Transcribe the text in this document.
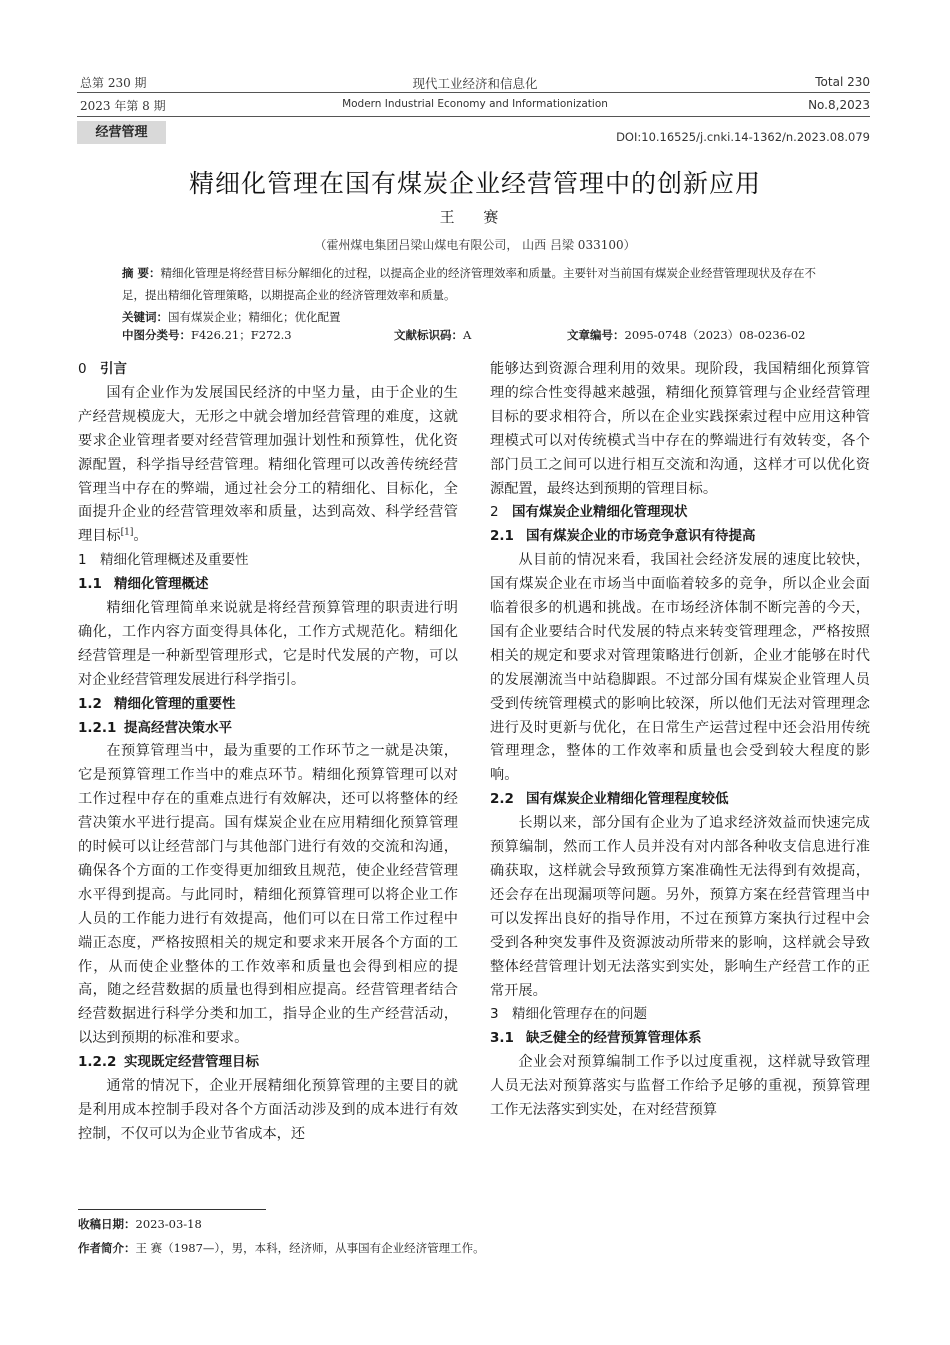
总第 230 期
2023 年第 8 期
现代工业经济和信息化
Modern Industrial Economy and Informationization
Total 230
No.8,2023
经营管理	DOI:10.16525/j.cnki.14-1362/n.2023.08.079
精细化管理在国有煤炭企业经营管理中的创新应用
王 赛
（霍州煤电集团吕梁山煤电有限公司， 山西 吕梁 033100）
摘 要：精细化管理是将经营目标分解细化的过程，以提高企业的经济管理效率和质量。主要针对当前国有煤炭企业经营管理现状及存在不足，提出精细化管理策略，以期提高企业的经济管理效率和质量。
关键词：国有煤炭企业；精细化；优化配置
中图分类号：F426.21；F272.3	文献标识码：A	文章编号：2095-0748（2023）08-0236-02
0 引言

国有企业作为发展国民经济的中坚力量，由于企业的生产经营规模庞大，无形之中就会增加经营管理的难度，这就要求企业管理者要对经营管理加强计划性和预算性，优化资源配置，科学指导经营管理。精细化管理可以改善传统经营管理当中存在的弊端，通过社会分工的精细化、目标化，全面提升企业的经营管理效率和质量，达到高效、科学经营管理目标[1]。

1 精细化管理概述及重要性
1.1 精细化管理概述

精细化管理简单来说就是将经营预算管理的职责进行明确化，工作内容方面变得具体化，工作方式规范化。精细化经营管理是一种新型管理形式，它是时代发展的产物，可以对企业经营管理发展进行科学指引。

1.2 精细化管理的重要性
1.2.1 提高经营决策水平

在预算管理当中，最为重要的工作环节之一就是决策，它是预算管理工作当中的难点环节。精细化预算管理可以对工作过程中存在的重难点进行有效解决，还可以将整体的经营决策水平进行提高。国有煤炭企业在应用精细化预算管理的时候可以让经营部门与其他部门进行有效的交流和沟通，确保各个方面的工作变得更加细致且规范，使企业经营管理水平得到提高。与此同时，精细化预算管理可以将企业工作人员的工作能力进行有效提高，他们可以在日常工作过程中端正态度，严格按照相关的规定和要求来开展各个方面的工作，从而使企业整体的工作效率和质量也会得到相应的提高，随之经营数据的质量也得到相应提高。经营管理者结合经营数据进行科学分类和加工，指导企业的生产经营活动，以达到预期的标准和要求。

1.2.2 实现既定经营管理目标

通常的情况下，企业开展精细化预算管理的主要目的就是利用成本控制手段对各个方面活动涉及到的成本进行有效控制，不仅可以为企业节省成本，还

能够达到资源合理利用的效果。现阶段，我国精细化预算管理的综合性变得越来越强，精细化预算管理与企业经营管理目标的要求相符合，所以在企业实践探索过程中应用这种管理模式可以对传统模式当中存在的弊端进行有效转变，各个部门员工之间可以进行相互交流和沟通，这样才可以优化资源配置，最终达到预期的管理目标。

2 国有煤炭企业精细化管理现状
2.1 国有煤炭企业的市场竞争意识有待提高

从目前的情况来看，我国社会经济发展的速度比较快，国有煤炭企业在市场当中面临着较多的竞争，所以企业会面临着很多的机遇和挑战。在市场经济体制不断完善的今天，国有企业要结合时代发展的特点来转变管理理念，严格按照相关的规定和要求对管理策略进行创新，企业才能够在时代的发展潮流当中站稳脚跟。不过部分国有煤炭企业管理人员受到传统管理模式的影响比较深，所以他们无法对管理理念进行及时更新与优化，在日常生产运营过程中还会沿用传统管理理念，整体的工作效率和质量也会受到较大程度的影响。

2.2 国有煤炭企业精细化管理程度较低

长期以来，部分国有企业为了追求经济效益而快速完成预算编制，然而工作人员并没有对内部各种收支信息进行准确获取，这样就会导致预算方案准确性无法得到有效提高，还会存在出现漏项等问题。另外，预算方案在经营管理当中可以发挥出良好的指导作用，不过在预算方案执行过程中会受到各种突发事件及资源波动所带来的影响，这样就会导致整体经营管理计划无法落实到实处，影响生产经营工作的正常开展。

3 精细化管理存在的问题
3.1 缺乏健全的经营预算管理体系

企业会对预算编制工作予以过度重视，这样就导致管理人员无法对预算落实与监督工作给予足够的重视，预算管理工作无法落实到实处，在对经营预算

收稿日期：2023-03-18
作者简介：王 赛（1987—），男，本科，经济师，从事国有企业经济管理工作。
